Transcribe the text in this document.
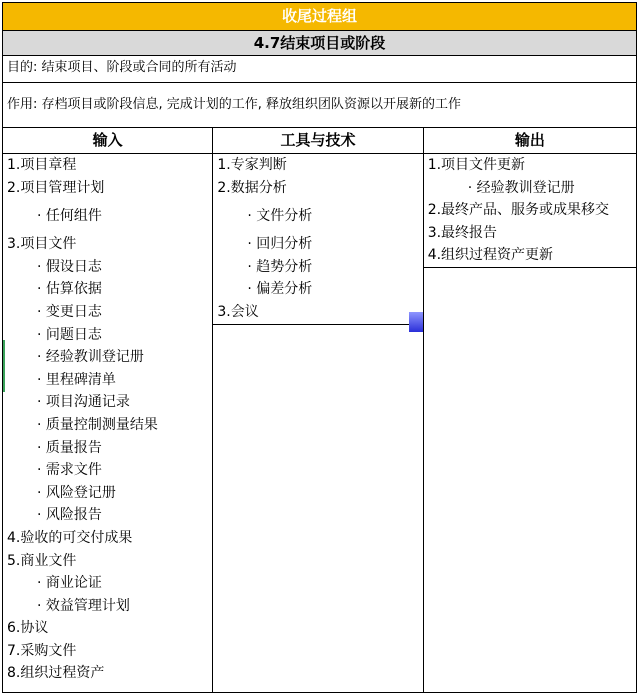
收尾过程组
4.7结束项目或阶段
目的: 结束项目、阶段或合同的所有活动
作用: 存档项目或阶段信息, 完成计划的工作, 释放组织团队资源以开展新的工作
输入
1.项目章程
2.项目管理计划
· 任何组件
3.项目文件
· 假设日志
· 估算依据
· 变更日志
· 问题日志
· 经验教训登记册
· 里程碑清单
· 项目沟通记录
· 质量控制测量结果
· 质量报告
· 需求文件
· 风险登记册
· 风险报告
4.验收的可交付成果
5.商业文件
· 商业论证
· 效益管理计划
6.协议
7.采购文件
8.组织过程资产
工具与技术
1.专家判断
2.数据分析
· 文件分析
· 回归分析
· 趋势分析
· 偏差分析
3.会议
输出
1.项目文件更新
· 经验教训登记册
2.最终产品、服务或成果移交
3.最终报告
4.组织过程资产更新
